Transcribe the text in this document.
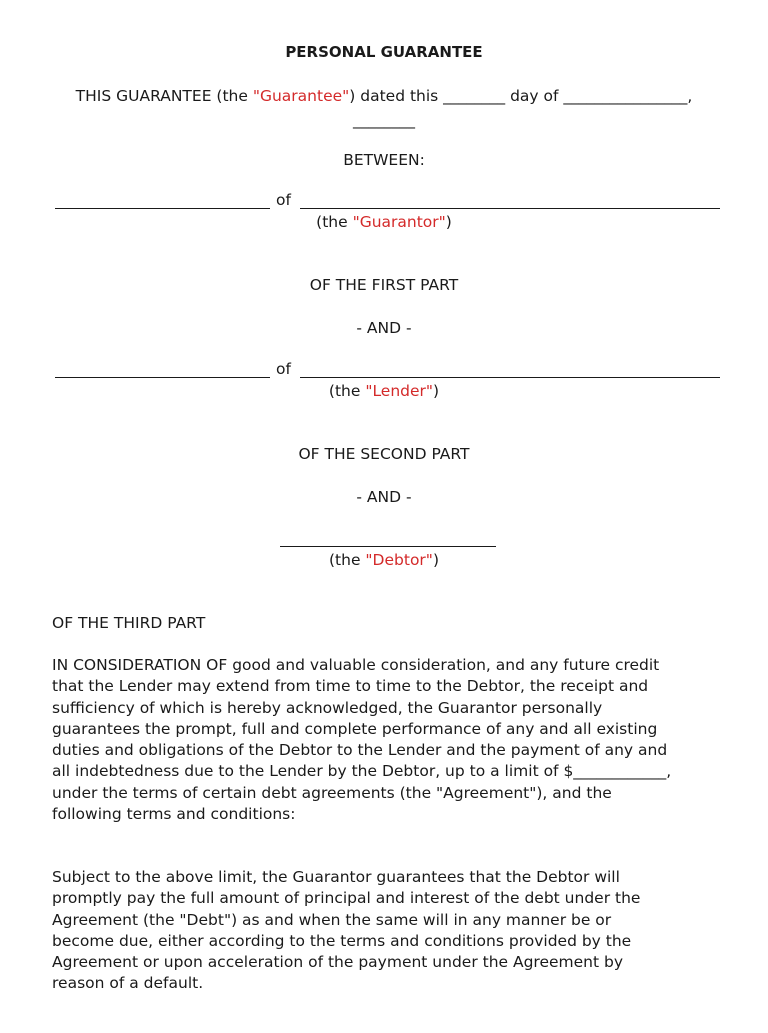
PERSONAL GUARANTEE
THIS GUARANTEE (the "Guarantee") dated this ________ day of ________________,
________
BETWEEN:
of
(the "Guarantor")
OF THE FIRST PART
- AND -
of
(the "Lender")
OF THE SECOND PART
- AND -
(the "Debtor")
OF THE THIRD PART
IN CONSIDERATION OF good and valuable consideration, and any future credit
that the Lender may extend from time to time to the Debtor, the receipt and
sufficiency of which is hereby acknowledged, the Guarantor personally
guarantees the prompt, full and complete performance of any and all existing
duties and obligations of the Debtor to the Lender and the payment of any and
all indebtedness due to the Lender by the Debtor, up to a limit of $____________,
under the terms of certain debt agreements (the "Agreement"), and the
following terms and conditions:
Subject to the above limit, the Guarantor guarantees that the Debtor will
promptly pay the full amount of principal and interest of the debt under the
Agreement (the "Debt") as and when the same will in any manner be or
become due, either according to the terms and conditions provided by the
Agreement or upon acceleration of the payment under the Agreement by
reason of a default.
